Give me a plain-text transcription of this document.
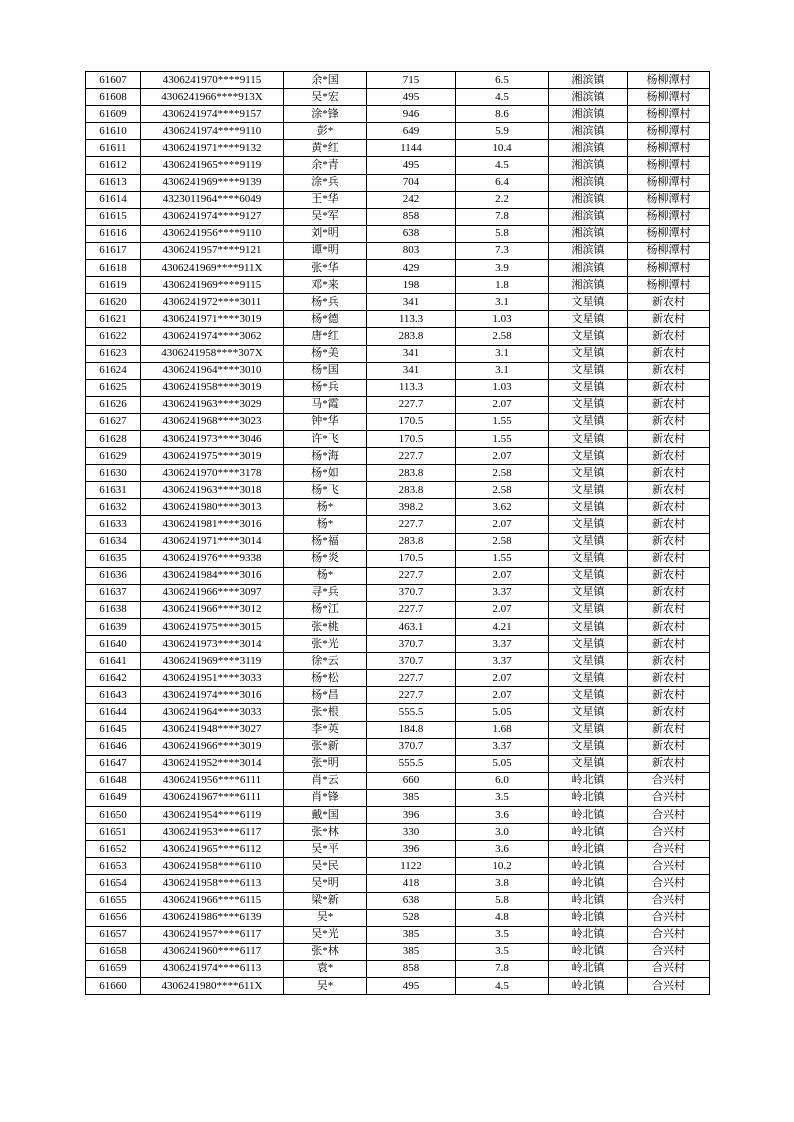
61607	4306241970****9115	余*国	715	6.5	湘滨镇	杨柳潭村
61608	4306241966****913X	吴*宏	495	4.5	湘滨镇	杨柳潭村
61609	4306241974****9157	涂*锋	946	8.6	湘滨镇	杨柳潭村
61610	4306241974****9110	彭*	649	5.9	湘滨镇	杨柳潭村
61611	4306241971****9132	黄*红	1144	10.4	湘滨镇	杨柳潭村
61612	4306241965****9119	余*青	495	4.5	湘滨镇	杨柳潭村
61613	4306241969****9139	涂*兵	704	6.4	湘滨镇	杨柳潭村
61614	4323011964****6049	王*华	242	2.2	湘滨镇	杨柳潭村
61615	4306241974****9127	吴*军	858	7.8	湘滨镇	杨柳潭村
61616	4306241956****9110	刘*明	638	5.8	湘滨镇	杨柳潭村
61617	4306241957****9121	谭*明	803	7.3	湘滨镇	杨柳潭村
61618	4306241969****911X	张*华	429	3.9	湘滨镇	杨柳潭村
61619	4306241969****9115	邓*来	198	1.8	湘滨镇	杨柳潭村
61620	4306241972****3011	杨*兵	341	3.1	文星镇	新农村
61621	4306241971****3019	杨*德	113.3	1.03	文星镇	新农村
61622	4306241974****3062	唐*红	283.8	2.58	文星镇	新农村
61623	4306241958****307X	杨*美	341	3.1	文星镇	新农村
61624	4306241964****3010	杨*国	341	3.1	文星镇	新农村
61625	4306241958****3019	杨*兵	113.3	1.03	文星镇	新农村
61626	4306241963****3029	马*霞	227.7	2.07	文星镇	新农村
61627	4306241968****3023	钟*华	170.5	1.55	文星镇	新农村
61628	4306241973****3046	许*飞	170.5	1.55	文星镇	新农村
61629	4306241975****3019	杨*海	227.7	2.07	文星镇	新农村
61630	4306241970****3178	杨*如	283.8	2.58	文星镇	新农村
61631	4306241963****3018	杨*飞	283.8	2.58	文星镇	新农村
61632	4306241980****3013	杨*	398.2	3.62	文星镇	新农村
61633	4306241981****3016	杨*	227.7	2.07	文星镇	新农村
61634	4306241971****3014	杨*福	283.8	2.58	文星镇	新农村
61635	4306241976****9338	杨*炎	170.5	1.55	文星镇	新农村
61636	4306241984****3016	杨*	227.7	2.07	文星镇	新农村
61637	4306241966****3097	寻*兵	370.7	3.37	文星镇	新农村
61638	4306241966****3012	杨*江	227.7	2.07	文星镇	新农村
61639	4306241975****3015	张*桃	463.1	4.21	文星镇	新农村
61640	4306241973****3014	张*光	370.7	3.37	文星镇	新农村
61641	4306241969****3119	徐*云	370.7	3.37	文星镇	新农村
61642	4306241951****3033	杨*松	227.7	2.07	文星镇	新农村
61643	4306241974****3016	杨*昌	227.7	2.07	文星镇	新农村
61644	4306241964****3033	张*根	555.5	5.05	文星镇	新农村
61645	4306241948****3027	李*英	184.8	1.68	文星镇	新农村
61646	4306241966****3019	张*新	370.7	3.37	文星镇	新农村
61647	4306241952****3014	张*明	555.5	5.05	文星镇	新农村
61648	4306241956****6111	肖*云	660	6.0	岭北镇	合兴村
61649	4306241967****6111	肖*锋	385	3.5	岭北镇	合兴村
61650	4306241954****6119	戴*国	396	3.6	岭北镇	合兴村
61651	4306241953****6117	张*林	330	3.0	岭北镇	合兴村
61652	4306241965****6112	吴*平	396	3.6	岭北镇	合兴村
61653	4306241958****6110	吴*民	1122	10.2	岭北镇	合兴村
61654	4306241958****6113	吴*明	418	3.8	岭北镇	合兴村
61655	4306241966****6115	梁*新	638	5.8	岭北镇	合兴村
61656	4306241986****6139	吴*	528	4.8	岭北镇	合兴村
61657	4306241957****6117	吴*光	385	3.5	岭北镇	合兴村
61658	4306241960****6117	张*林	385	3.5	岭北镇	合兴村
61659	4306241974****6113	袁*	858	7.8	岭北镇	合兴村
61660	4306241980****611X	吴*	495	4.5	岭北镇	合兴村
